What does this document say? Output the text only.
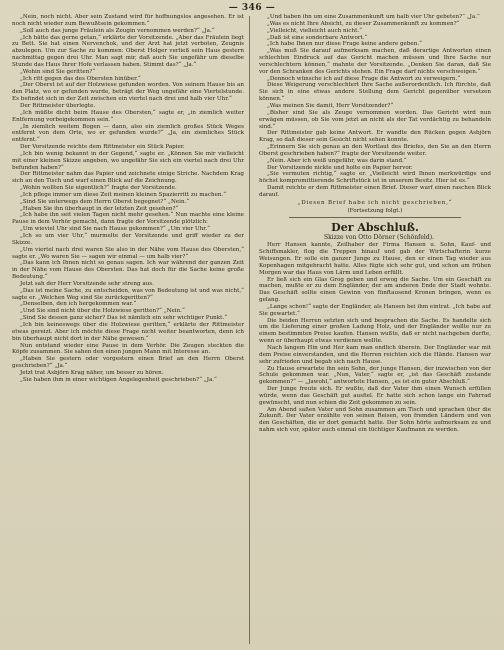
— 346 —

„Nein, noch nicht. Aber sein Zustand wird für hoffnungslos angesehen. Er ist noch nicht wieder zum Bewußtsein gekommen.“

„Soll auch das junge Fräulein als Zeugin vernommen werden?“ „Ja.“

„Ich hätte das gerne getan,“ erklärte der Vorsitzende. „Aber das Fräulein liegt zu Bett. Sie hat einen Nervenchok, und der Arzt hat jetzt verboten, Zeugnis abzulegen. Um zur Sache zu kommen: Oberst Holger verließ sein Haus gestern nachmittag gegen drei Uhr. Man sagt mir, daß auch Sie ungefähr um dieselbe Stunde das Haus Ihrer Hofe verlassen haben. Stimmt das?“ „Ja.“

„Wohin sind Sie geritten?“

„Ich ritt gegen das des Obersten hinüber.“

„Der Oberst ist auf der Holzwiese gefunden worden. Von seinem Hause bis an den Platz, wo er gefunden wurde, beträgt der Weg ungefähr eine Viertelstunde. Es befindet sich in der Zeit zwischen ein viertel nach drei und halb vier Uhr.“

Der Rittmeister überlegte.

„Ich müßte dicht beim Hause des Obersten,“ sagte er, „in ziemlich weiter Entfernung vorbeigekommen sein.“

„In ziemlich weitem Bogen — dann, also ein ziemlich großes Stück Weges entfernt von dem Orte, wo er gefunden wurde?“ „Ja, ein ziemliches Stück entfernt.“

Der Vorsitzende reichte dem Rittmeister ein Stück Papier.

„Ich bin wenig bekannt in der Gegend,“ sagte er. „Können Sie mir vielleicht mit einer kleinen Skizze angeben, wo ungefähr Sie sich ein viertel nach drei Uhr befunden haben?“

Der Rittmeister nahm das Papier und zeichnete einige Striche. Nachdem Krag sich an den Tisch und warf einen Blick auf die Zeichnung.

„Wohin wollten Sie eigentlich?“ fragte der Vorsitzende.

„Ich pflege immer um diese Zeit meinen kleinen Spazierritt zu machen.“

„Sind Sie unterwegs dem Herrn Oberst begegnet?“ „Nein.“

„Haben Sie ihn überhaupt in der letzten Zeit gesehen?“

„Ich habe ihn seit vielen Tagen nicht mehr gesehen.“ Nun machte eine kleine Pause in dem Verhör gemacht, dann fragte der Vorsitzende plötzlich:

„Um wieviel Uhr sind Sie nach Hause gekommen?“ „Um vier Uhr.“

„Ich so um vier Uhr,“ murmelte der Vorsitzende und griff wieder zu der Skizze.

„Um viertel nach drei waren Sie also in der Nähe vom Hause des Obersten,“ sagte er. „Wo waren Sie — sagen wir einmal — um halb vier?“

„Das kann ich Ihnen nicht so genau sagen. Ich war während der ganzen Zeit in der Nähe vom Hause des Obersten. Das hat doch für die Sache keine große Bedeutung.“

Jetzt sah der Herr Vorsitzende sehr streng aus.

„Das ist meine Sache, zu entscheiden, was von Bedeutung ist und was nicht,“ sagte er. „Welchen Weg sind Sie zurückgeritten?“

„Denselben, den ich hergekommen war.“

„Und Sie sind nicht über die Holzwiese geritten?“ „Nein.“

„Sind Sie dessen ganz sicher? Das ist nämlich ein sehr wichtiger Punkt.“

„Ich bin keineswegs über die Holzwiese geritten,“ erklärte der Rittmeister etwas gereizt. Aber ich möchte diese Frage nicht weiter beantworten, denn ich bin überhaupt nicht dort in der Nähe gewesen.“

Nun entstand wieder eine Pause in dem Verhör. Die Zeugen steckten die Köpfe zusammen. Sie sahen den einen jungen Mann mit Interesse an.

„Haben Sie gestern oder vorgestern einen Brief an den Herrn Oberst geschrieben?“ „Ja.“

Jetzt trat Asbjörn Krag näher, um besser zu hören.

„Sie haben ihm in einer wichtigen Angelegenheit geschrieben?“ „Ja.“

„Und haben ihn um eine Zusammenkunft um halb vier Uhr gebeten?“ „Ja.“

„Was es nicht Ihre Absicht, zu dieser Zusammenkunft zu kommen?“

„Vielleicht, vielleicht auch nicht.“

„Daß ist eine sonderbare Antwort.“

„Ich habe Ihnen nur diese Frage keine andere geben.“

„Was muß Sie darauf aufmerksam machen, daß derartige Antworten einen schlechten Eindruck auf das Gericht machen müssen und Ihre Sache nur verschlechtern können,“ mahnte der Vorsitzende. „Denken Sie daran, daß Sie vor den Schranken des Gerichts stehen. Ein Frage darf nichts verschweigen.“

„Dennoch wünsche ich auf diese Frage die Antwort zu verweigern.“

Diese Weigerung verschlechtert Ihre Sache außerordentlich. Ich fürchte, daß Sie sich in eine etwas andere Stellung dem Gericht gegenüber versetzen können.“

„Was meinen Sie damit, Herr Vorsitzender?“

„Bisher sind Sie als Zeuge vernommen worden. Das Gericht wird nun erwägen müssen, ob Sie vom jetzt an nicht als der Tat verdächtig zu behandeln sind.“

Der Rittmeister gab keine Antwort. Er wandte den Rücken gegen Asbjörn Krag, so daß dieser sein Gesicht nicht sehen konnte.

„Erinnern Sie sich genau an den Wortlaut des Briefes, den Sie an den Herrn Oberst geschrieben haben?“ fragte der Vorsitzende weiter.

„Nein. Aber ich weiß ungefähr, was darin stand.“

Der Vorsitzende nickte und holte ein Papier hervor.

„Sie vermuten richtig,“ sagte er. „Vielleicht wird Ihnen merkwürdige und höchst kompromittierende Schriftstück ist in unserem Besitz. Hier ist es.“

Damit reichte er dem Rittmeister einen Brief. Dieser warf einen raschen Blick darauf.

„Diesen Brief habe ich nicht geschrieben,“

(Fortsetzung folgt.)

Der Abschluß.

Skizze von Otto Dörner (Schönfeld).

Herr Hansen kannte, Zeilhaber der Firma Hansen u. Sohn, Kauf- und Schiffsmakler, flog die Treppen hinauf und gab der Wirtschafterin kurze Weisungen. Er solle ein ganzer Junge zu Hause, den er einen Tag wieder aus Kopenhagen mitgebracht hatte. Alles fügte sich sehr gut, und schon am frühen Morgen war das Haus von Lärm und Leben erfüllt.

Er ließ sich ein Glas Grog geben und erwog die Sache. Um ein Geschäft zu machen, mußte er zu dem Engländer, der am anderen Ende der Stadt wohnte. Das Geschäft sollte einen Gewinn von fünftausend Kronen bringen, wenn es gelang.

„Lange schon!“ sagte der Engländer, als Hansen bei ihm eintrat. „Ich habe auf Sie gewartet.“

Die beiden Herren setzten sich und besprachen die Sache. Es handelte sich um die Lieferung einer großen Ladung Holz, und der Engländer wollte nur zu einem bestimmten Preise kaufen. Hansen wußte, daß er nicht nachgeben durfte, wenn er überhaupt etwas verdienen wollte.

Nach langem Hin und Her kam man endlich überein. Der Engländer war mit dem Preise einverstanden, und die Herren reichten sich die Hände. Hansen war sehr zufrieden und begab sich nach Hause.

Zu Hause erwartete ihn sein Sohn, der junge Hansen, der inzwischen von der Schule gekommen war. „Nun, Vater,“ sagte er, „ist das Geschäft zustande gekommen?“ — „Jawohl,“ antwortete Hansen, „es ist ein guter Abschluß.“

Der Junge freute sich. Er wußte, daß der Vater ihm einen Wunsch erfüllen würde, wenn das Geschäft gut ausfiel. Er hatte sich schon lange ein Fahrrad gewünscht, und nun schien die Zeit gekommen zu sein.

Am Abend saßen Vater und Sohn zusammen am Tisch und sprachen über die Zukunft. Der Vater erzählte von seinen Reisen, von fremden Ländern und von den Geschäften, die er dort gemacht hatte. Der Sohn hörte aufmerksam zu und nahm sich vor, später auch einmal ein tüchtiger Kaufmann zu werden.
